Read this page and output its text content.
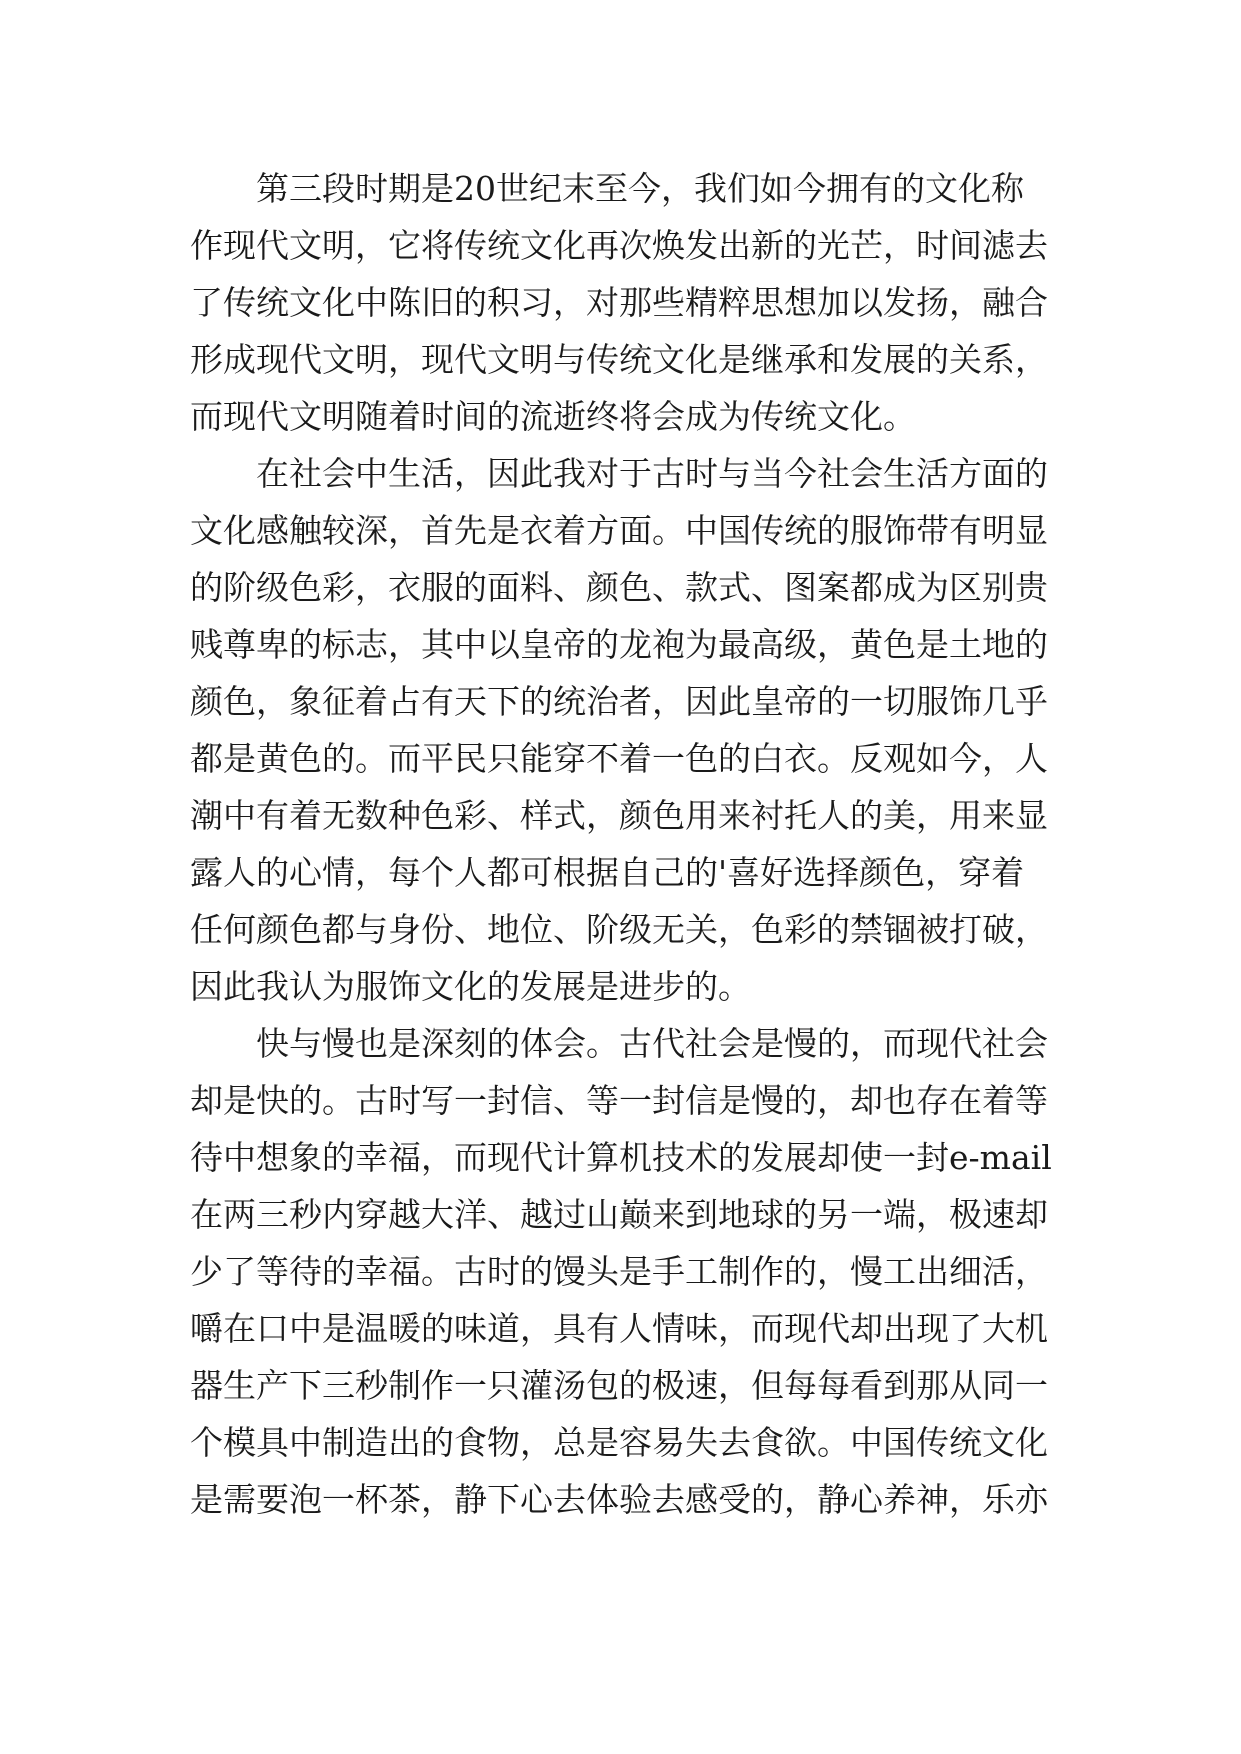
第三段时期是20世纪末至今，我们如今拥有的文化称
作现代文明，它将传统文化再次焕发出新的光芒，时间滤去
了传统文化中陈旧的积习，对那些精粹思想加以发扬，融合
形成现代文明，现代文明与传统文化是继承和发展的关系，
而现代文明随着时间的流逝终将会成为传统文化。
在社会中生活，因此我对于古时与当今社会生活方面的
文化感触较深，首先是衣着方面。中国传统的服饰带有明显
的阶级色彩，衣服的面料、颜色、款式、图案都成为区别贵
贱尊卑的标志，其中以皇帝的龙袍为最高级，黄色是土地的
颜色，象征着占有天下的统治者，因此皇帝的一切服饰几乎
都是黄色的。而平民只能穿不着一色的白衣。反观如今，人
潮中有着无数种色彩、样式，颜色用来衬托人的美，用来显
露人的心情，每个人都可根据自己的'喜好选择颜色，穿着
任何颜色都与身份、地位、阶级无关，色彩的禁锢被打破，
因此我认为服饰文化的发展是进步的。
快与慢也是深刻的体会。古代社会是慢的，而现代社会
却是快的。古时写一封信、等一封信是慢的，却也存在着等
待中想象的幸福，而现代计算机技术的发展却使一封e-mail
在两三秒内穿越大洋、越过山巅来到地球的另一端，极速却
少了等待的幸福。古时的馒头是手工制作的，慢工出细活，
嚼在口中是温暖的味道，具有人情味，而现代却出现了大机
器生产下三秒制作一只灌汤包的极速，但每每看到那从同一
个模具中制造出的食物，总是容易失去食欲。中国传统文化
是需要泡一杯茶，静下心去体验去感受的，静心养神，乐亦
